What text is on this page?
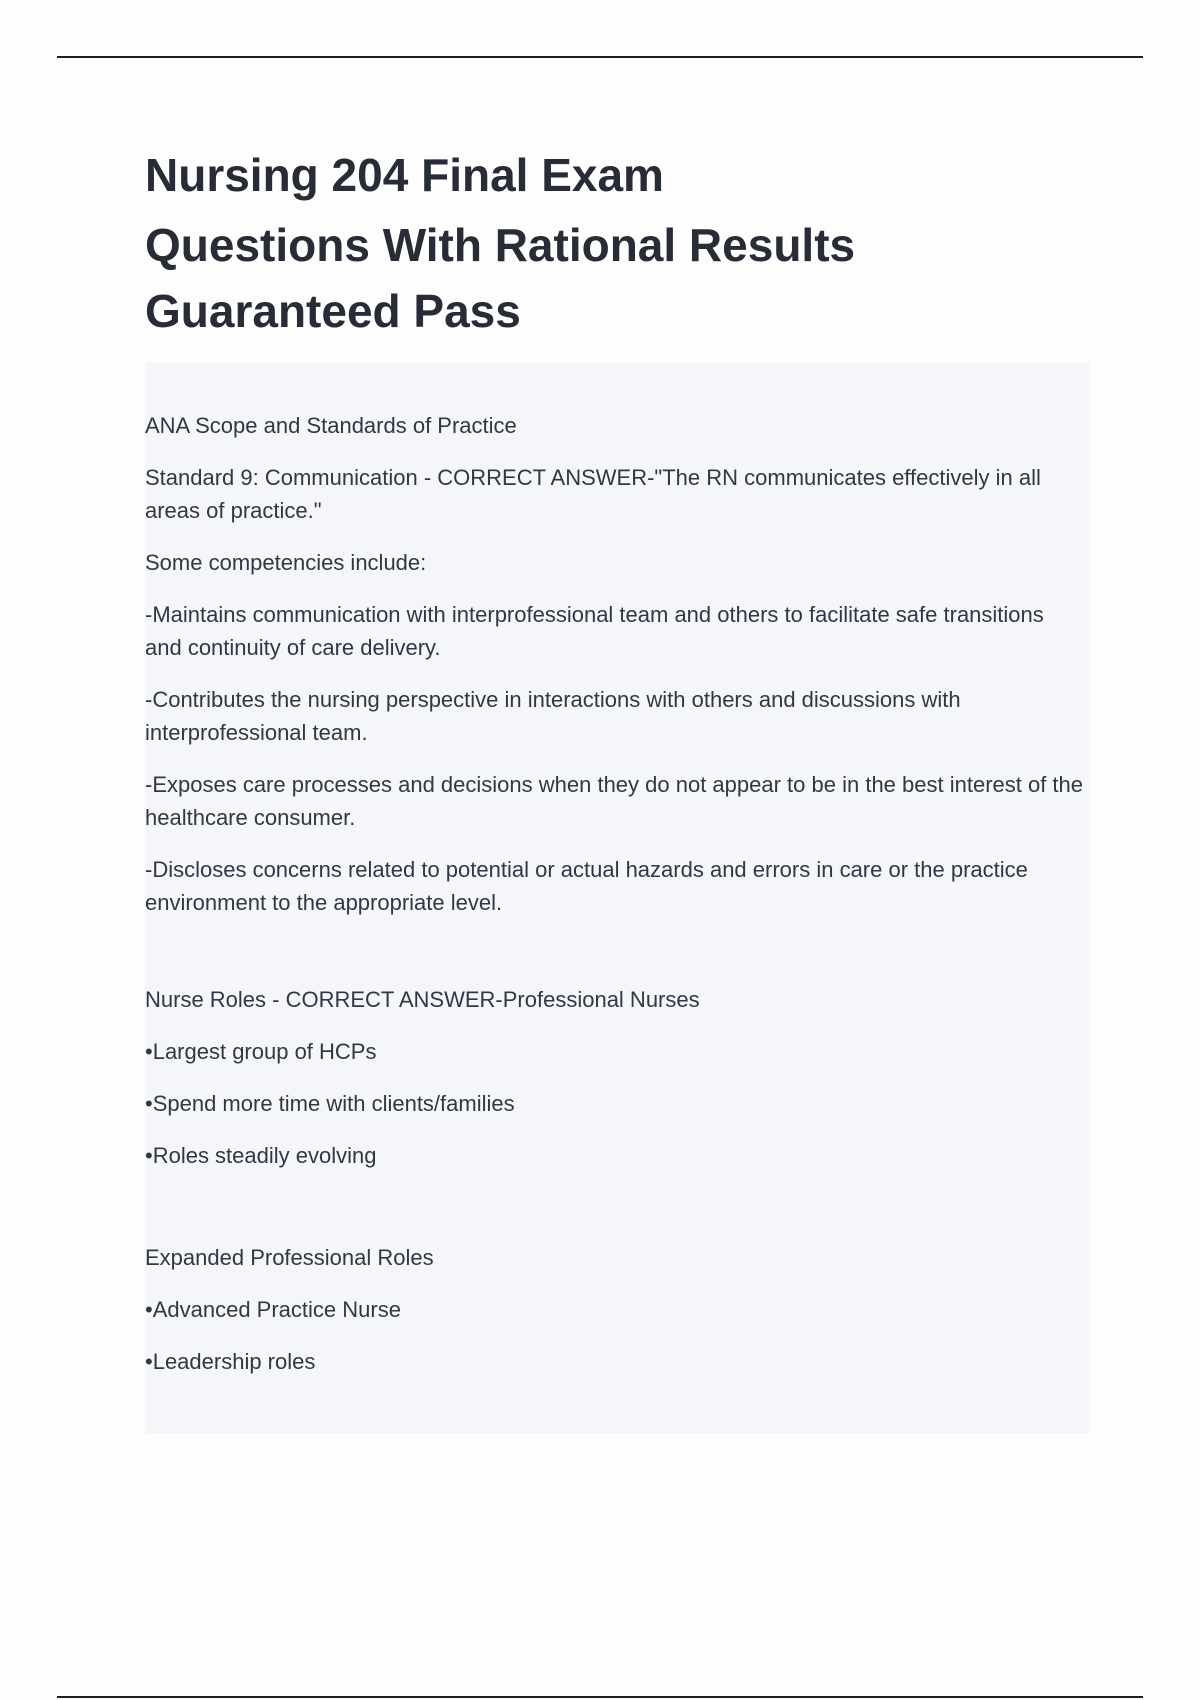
Nursing 204 Final Exam
Questions With Rational Results
Guaranteed Pass

ANA Scope and Standards of Practice

Standard 9: Communication - CORRECT ANSWER-"The RN communicates effectively in all areas of practice."

Some competencies include:

-Maintains communication with interprofessional team and others to facilitate safe transitions and continuity of care delivery.

-Contributes the nursing perspective in interactions with others and discussions with interprofessional team.

-Exposes care processes and decisions when they do not appear to be in the best interest of the healthcare consumer.

-Discloses concerns related to potential or actual hazards and errors in care or the practice environment to the appropriate level.

Nurse Roles - CORRECT ANSWER-Professional Nurses

•Largest group of HCPs

•Spend more time with clients/families

•Roles steadily evolving

Expanded Professional Roles

•Advanced Practice Nurse

•Leadership roles
